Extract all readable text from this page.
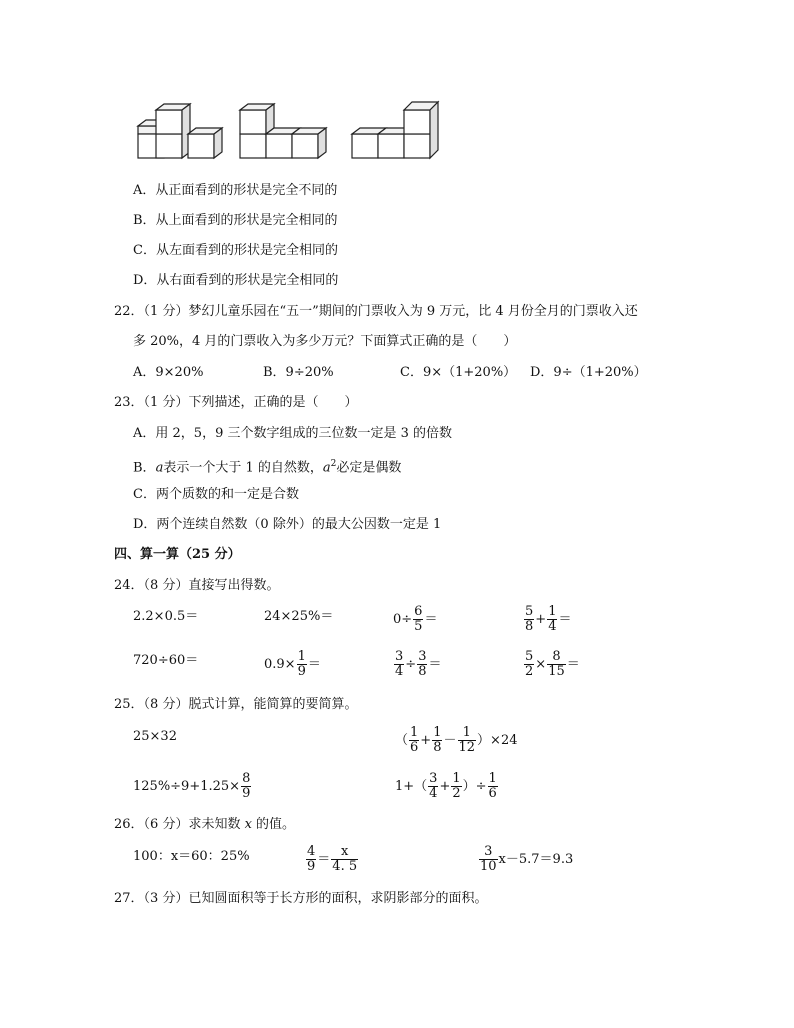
A．从正面看到的形状是完全不同的
B．从上面看到的形状是完全相同的
C．从左面看到的形状是完全相同的
D．从右面看到的形状是完全相同的
22．（1 分）梦幻儿童乐园在“五一”期间的门票收入为 9 万元，比 4 月份全月的门票收入还
多 20%，4 月的门票收入为多少万元？下面算式正确的是（　　）
A．9×20%	B．9÷20%	C．9×（1+20%） D．9÷（1+20%）
23．（1 分）下列描述，正确的是（　　）
A．用 2，5，9 三个数字组成的三位数一定是 3 的倍数
B．a表示一个大于 1 的自然数，$a^2$必定是偶数
C．两个质数的和一定是合数
D．两个连续自然数（0 除外）的最大公因数一定是 1
四、算一算（25 分）
24．（8 分）直接写出得数。
2.2×0.5＝	24×25%＝	$0\div \frac{6}{5}$ ＝	$\frac{5}{8} + \frac{1}{4}$ ＝
720÷60＝	$0.9\times \frac{1}{9}$ ＝	$\frac{3}{4} \div \frac{3}{8}$ ＝	$\frac{5}{2} \times \frac{8}{15}$ ＝
25．（8 分）脱式计算，能简算的要简算。
25×32	（ $\frac{1}{6} + \frac{1}{8} - \frac{1}{12} )\times 24$
$125\%\div 9+1.25\times \frac{8}{9}$	$1+( \frac{3}{4} + \frac{1}{2}$ ）÷ $\frac{1}{6}$
26．（6 分）求未知数 x 的值。
100：x＝60：25%	$\frac{4}{9} = \frac{x}{4. 5}$	$\frac{3}{10} x-5.7=9.3$
27．（3 分）已知圆面积等于长方形的面积，求阴影部分的面积。
